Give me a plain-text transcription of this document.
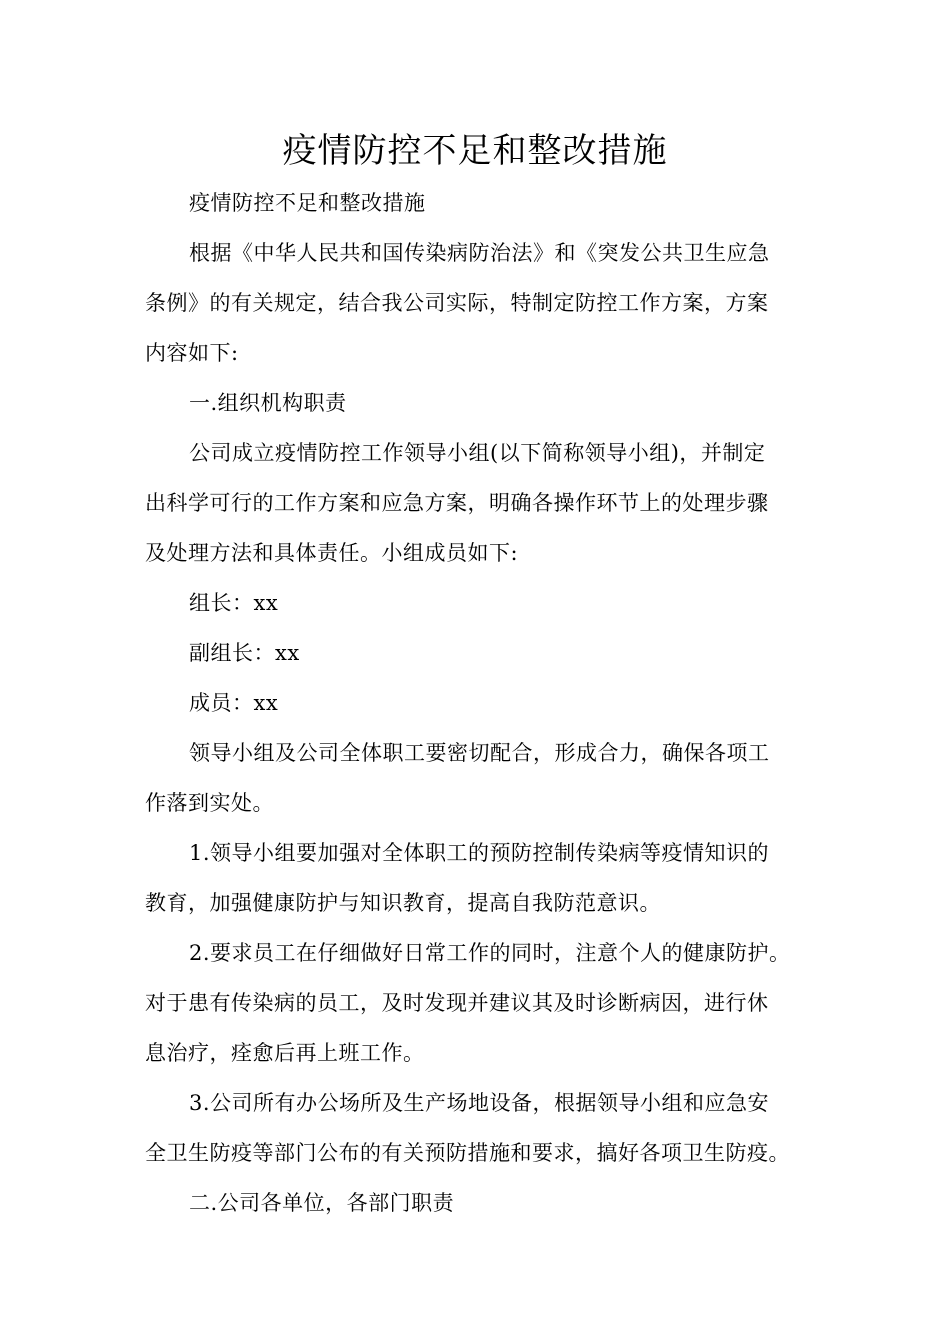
疫情防控不足和整改措施
疫情防控不足和整改措施
根据《中华人民共和国传染病防治法》和《突发公共卫生应急
条例》的有关规定，结合我公司实际，特制定防控工作方案，方案
内容如下:
一.组织机构职责
公司成立疫情防控工作领导小组(以下简称领导小组)，并制定
出科学可行的工作方案和应急方案，明确各操作环节上的处理步骤
及处理方法和具体责任。小组成员如下:
组长：xx
副组长：xx
成员：xx
领导小组及公司全体职工要密切配合，形成合力，确保各项工
作落到实处。
1.领导小组要加强对全体职工的预防控制传染病等疫情知识的
教育，加强健康防护与知识教育，提高自我防范意识。
2.要求员工在仔细做好日常工作的同时，注意个人的健康防护。
对于患有传染病的员工，及时发现并建议其及时诊断病因，进行休
息治疗，痊愈后再上班工作。
3.公司所有办公场所及生产场地设备，根据领导小组和应急安
全卫生防疫等部门公布的有关预防措施和要求，搞好各项卫生防疫。
二.公司各单位，各部门职责
